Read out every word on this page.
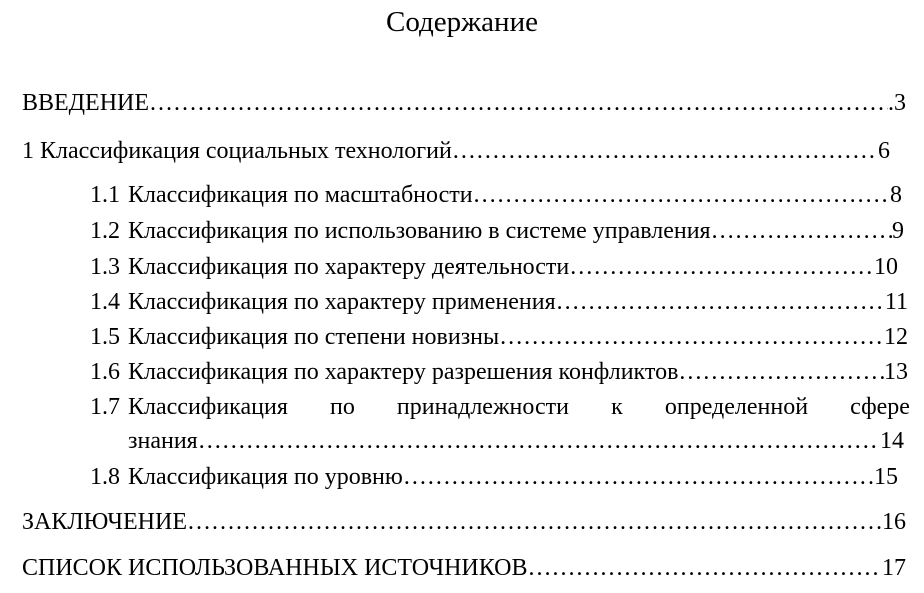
Содержание
ВВЕДЕНИЕ …………………………………………………………………………………………………………………………………………………………………………	.3
1 Классификация социальных технологий …………………………………………………………………………………………………………………………………………………………………………	6
1.1 Классификация по масштабности …………………………………………………………………………………………………………………………………………………………………………	8
1.2 Классификация по использованию в системе управления …………………………………………………………………………………………………………………………………………………………………………	9
1.3 Классификация по характеру деятельности …………………………………………………………………………………………………………………………………………………………………………	10
1.4 Классификация по характеру применения …………………………………………………………………………………………………………………………………………………………………………	11
1.5 Классификация по степени новизны …………………………………………………………………………………………………………………………………………………………………………	12
1.6 Классификация по характеру разрешения конфликтов …………………………………………………………………………………………………………………………………………………………………………	13
1.7 Классификация по принадлежности к определенной сфере
знания …………………………………………………………………………………………………………………………………………………………………………	14
1.8 Классификация по уровню …………………………………………………………………………………………………………………………………………………………………………	.15
ЗАКЛЮЧЕНИЕ …………………………………………………………………………………………………………………………………………………………………………	16
СПИСОК ИСПОЛЬЗОВАННЫХ ИСТОЧНИКОВ …………………………………………………………………………………………………………………………………………………………………………	17
